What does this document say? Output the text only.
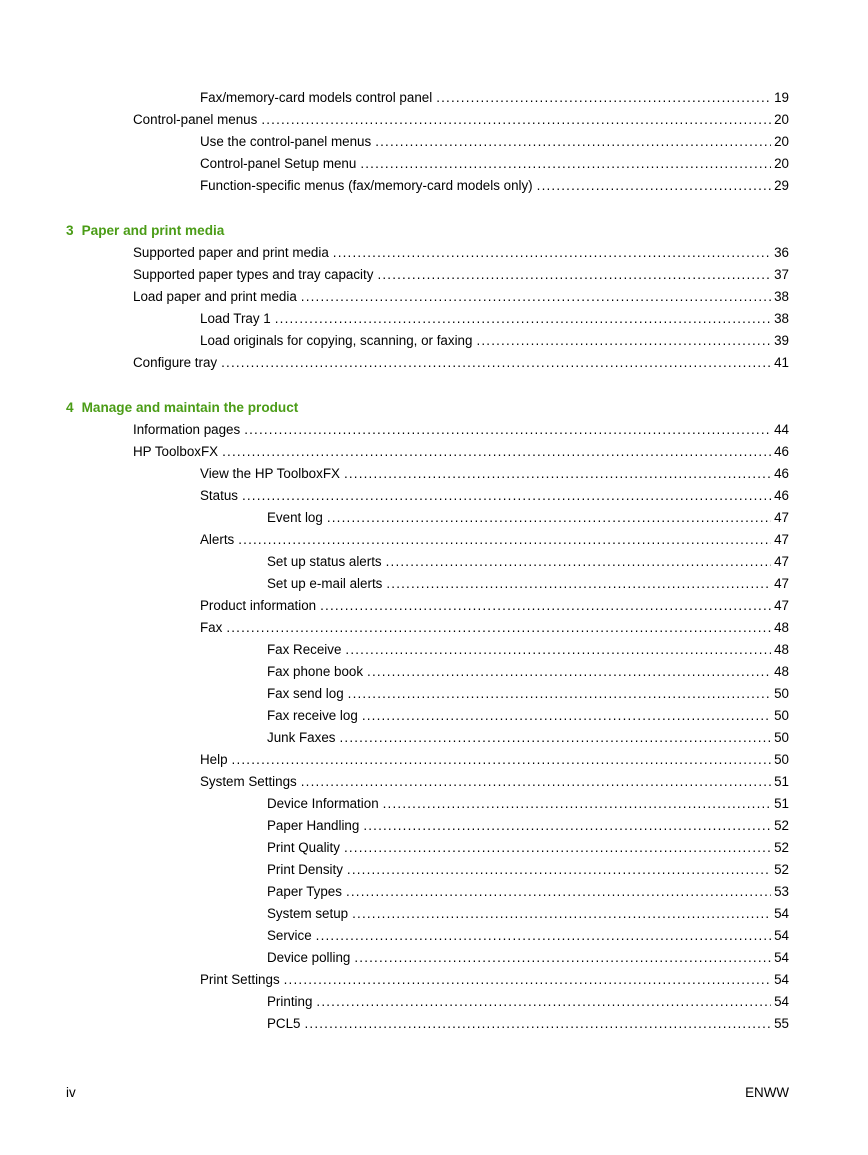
Fax/memory-card models control panel .....	19
Control-panel menus .....	20
Use the control-panel menus .....	20
Control-panel Setup menu .....	20
Function-specific menus (fax/memory-card models only) .....	29
3 Paper and print media
Supported paper and print media .....	36
Supported paper types and tray capacity .....	37
Load paper and print media .....	38
Load Tray 1 .....	38
Load originals for copying, scanning, or faxing .....	39
Configure tray .....	41
4 Manage and maintain the product
Information pages .....	44
HP ToolboxFX .....	46
View the HP ToolboxFX .....	46
Status .....	46
Event log .....	47
Alerts .....	47
Set up status alerts .....	47
Set up e-mail alerts .....	47
Product information .....	47
Fax .....	48
Fax Receive .....	48
Fax phone book .....	48
Fax send log .....	50
Fax receive log .....	50
Junk Faxes .....	50
Help .....	50
System Settings .....	51
Device Information .....	51
Paper Handling .....	52
Print Quality .....	52
Print Density .....	52
Paper Types .....	53
System setup .....	54
Service .....	54
Device polling .....	54
Print Settings .....	54
Printing .....	54
PCL5 .....	55
iv	ENWW
